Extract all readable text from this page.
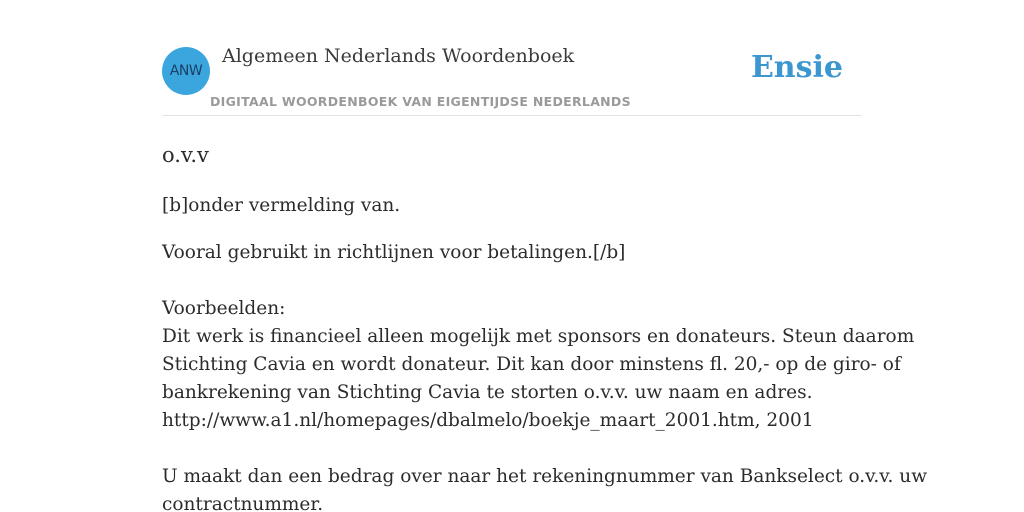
ANW
Algemeen Nederlands Woordenboek
DIGITAAL WOORDENBOEK VAN EIGENTIJDSE NEDERLANDS
Ensie
o.v.v

[b]onder vermelding van.

Vooral gebruikt in richtlijnen voor betalingen.[/b]
Voorbeelden:
Dit werk is financieel alleen mogelijk met sponsors en donateurs. Steun daarom
Stichting Cavia en wordt donateur. Dit kan door minstens fl. 20,- op de giro- of
bankrekening van Stichting Cavia te storten o.v.v. uw naam en adres.
http://www.a1.nl/homepages/dbalmelo/boekje_maart_2001.htm, 2001
U maakt dan een bedrag over naar het rekeningnummer van Bankselect o.v.v. uw
contractnummer.
